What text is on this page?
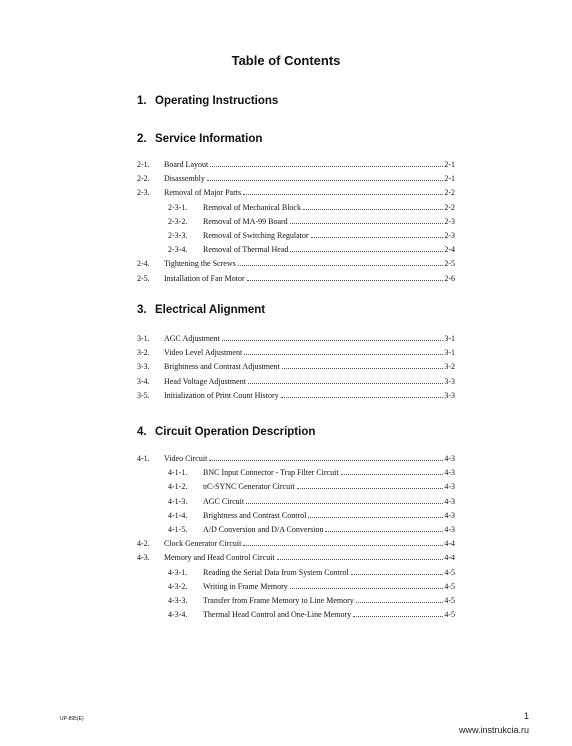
Table of Contents
1. Operating Instructions
2. Service Information
2-1.	Board Layout	2-1
2-2.	Disassembly	2-1
2-3.	Removal of Major Parts	2-2
2-3-1.	Removal of Mechanical Block	2-2
2-3-2.	Removal of MA-99 Board	2-3
2-3-3.	Removal of Switching Regulator	2-3
2-3-4.	Removal of Thermal Head	2-4
2-4.	Tightening the Screws	2-5
2-5.	Installation of Fan Motor	2-6
3. Electrical Alignment
3-1.	AGC Adjustment	3-1
3-2.	Video Level Adjustment	3-1
3-3.	Brightness and Contrast Adjustment	3-2
3-4.	Head Voltage Adjustment	3-3
3-5.	Initialization of Print Count History	3-3
4. Circuit Operation Description
4-1.	Video Circuit	4-3
4-1-1.	BNC Input Connector - Trap Filter Circuit	4-3
4-1-2.	nC-SYNC Generator Circuit	4-3
4-1-3.	AGC Circuit	4-3
4-1-4.	Brightness and Contrast Control	4-3
4-1-5.	A/D Conversion and D/A Conversion	4-3
4-2.	Clock Generator Circuit	4-4
4-3.	Memory and Head Control Circuit	4-4
4-3-1.	Reading the Serial Data from System Control	4-5
4-3-2.	Writing in Frame Memory	4-5
4-3-3.	Transfer from Frame Memory to Line Memory	4-5
4-3-4.	Thermal Head Control and One-Line Memory	4-5
UP-895(E)	1
www.instrukcia.ru
